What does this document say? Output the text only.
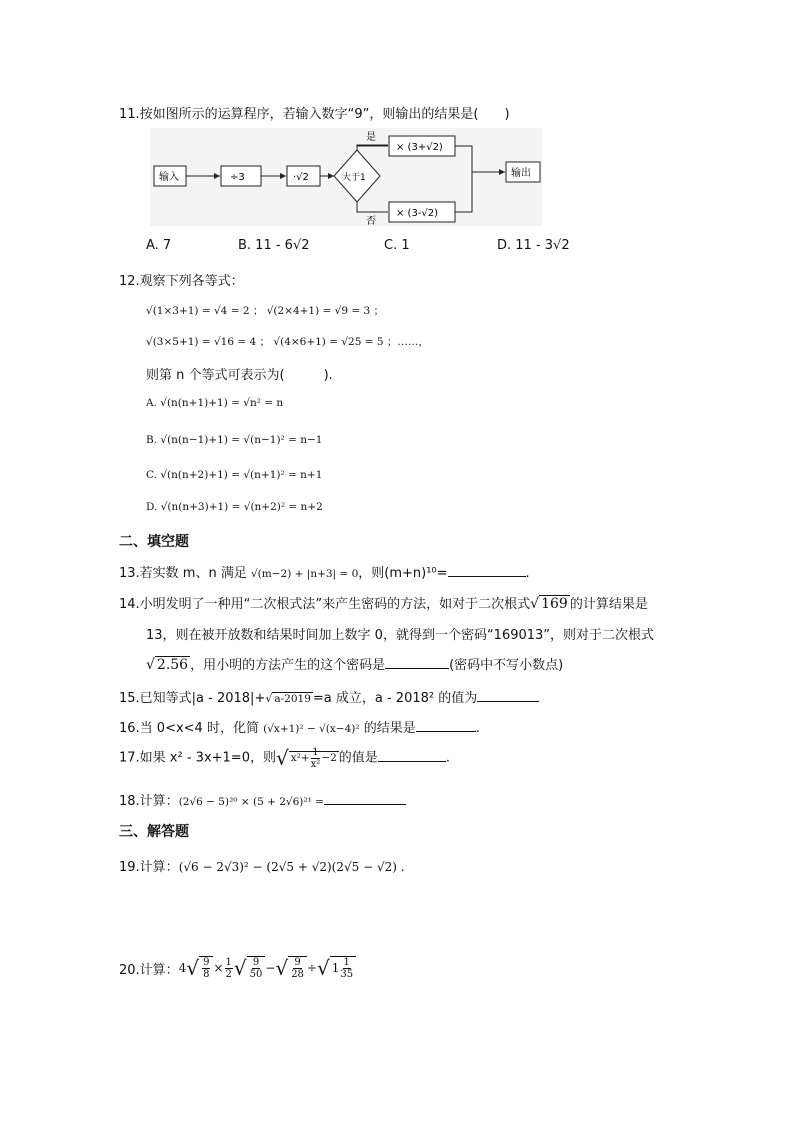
11.按如图所示的运算程序，若输入数字“9”，则输出的结果是(　　)
输入	÷3	·√2	大于1
是
× (3+√2)
否
× (3-√2)
输出
A. 7	B. 11 - 6√2	C. 1	D. 11 - 3√2
12.观察下列各等式：
√(1×3+1) = √4 = 2 ； √(2×4+1) = √9 = 3 ；
√(3×5+1) = √16 = 4 ； √(4×6+1) = √25 = 5 ；……，
则第 n 个等式可表示为(　　　).
A. √(n(n+1)+1) = √n² = n
B. √(n(n−1)+1) = √(n−1)² = n−1
C. √(n(n+2)+1) = √(n+1)² = n+1
D. √(n(n+3)+1) = √(n+2)² = n+2
二、填空题
13.若实数 m、n 满足 √(m−2) + |n+3| = 0，则(m+n)¹⁰=	.
14.小明发明了一种用“二次根式法”来产生密码的方法，如对于二次根式√ 169 的计算结果是
13，则在被开放数和结果时间加上数字 0，就得到一个密码“169013”，则对于二次根式
√ 2.56 ，用小明的方法产生的这个密码是	(密码中不写小数点)
15.已知等式|a - 2018|+√ a-2019 =a 成立，a - 2018² 的值为
16.当 0<x<4 时，化简 (√x+1)² − √(x−4)² 的结果是	.
17.如果 x² - 3x+1=0，则√ $x^2+ \frac{1}{\text{x²}} -2$ 的值是	.
18.计算：(2√6 − 5)²⁰ × (5 + 2√6)²¹ =
三、解答题
19.计算：(√6 − 2√3)² − (2√5 + √2)(2√5 − √2) .
20.计算： 4 √ $\frac{9}{8} \times \frac{1}{2}$ √ $\frac{9}{50}$ − √ $\frac{9}{28}$ ÷ √ $1 \frac{1}{35}$
